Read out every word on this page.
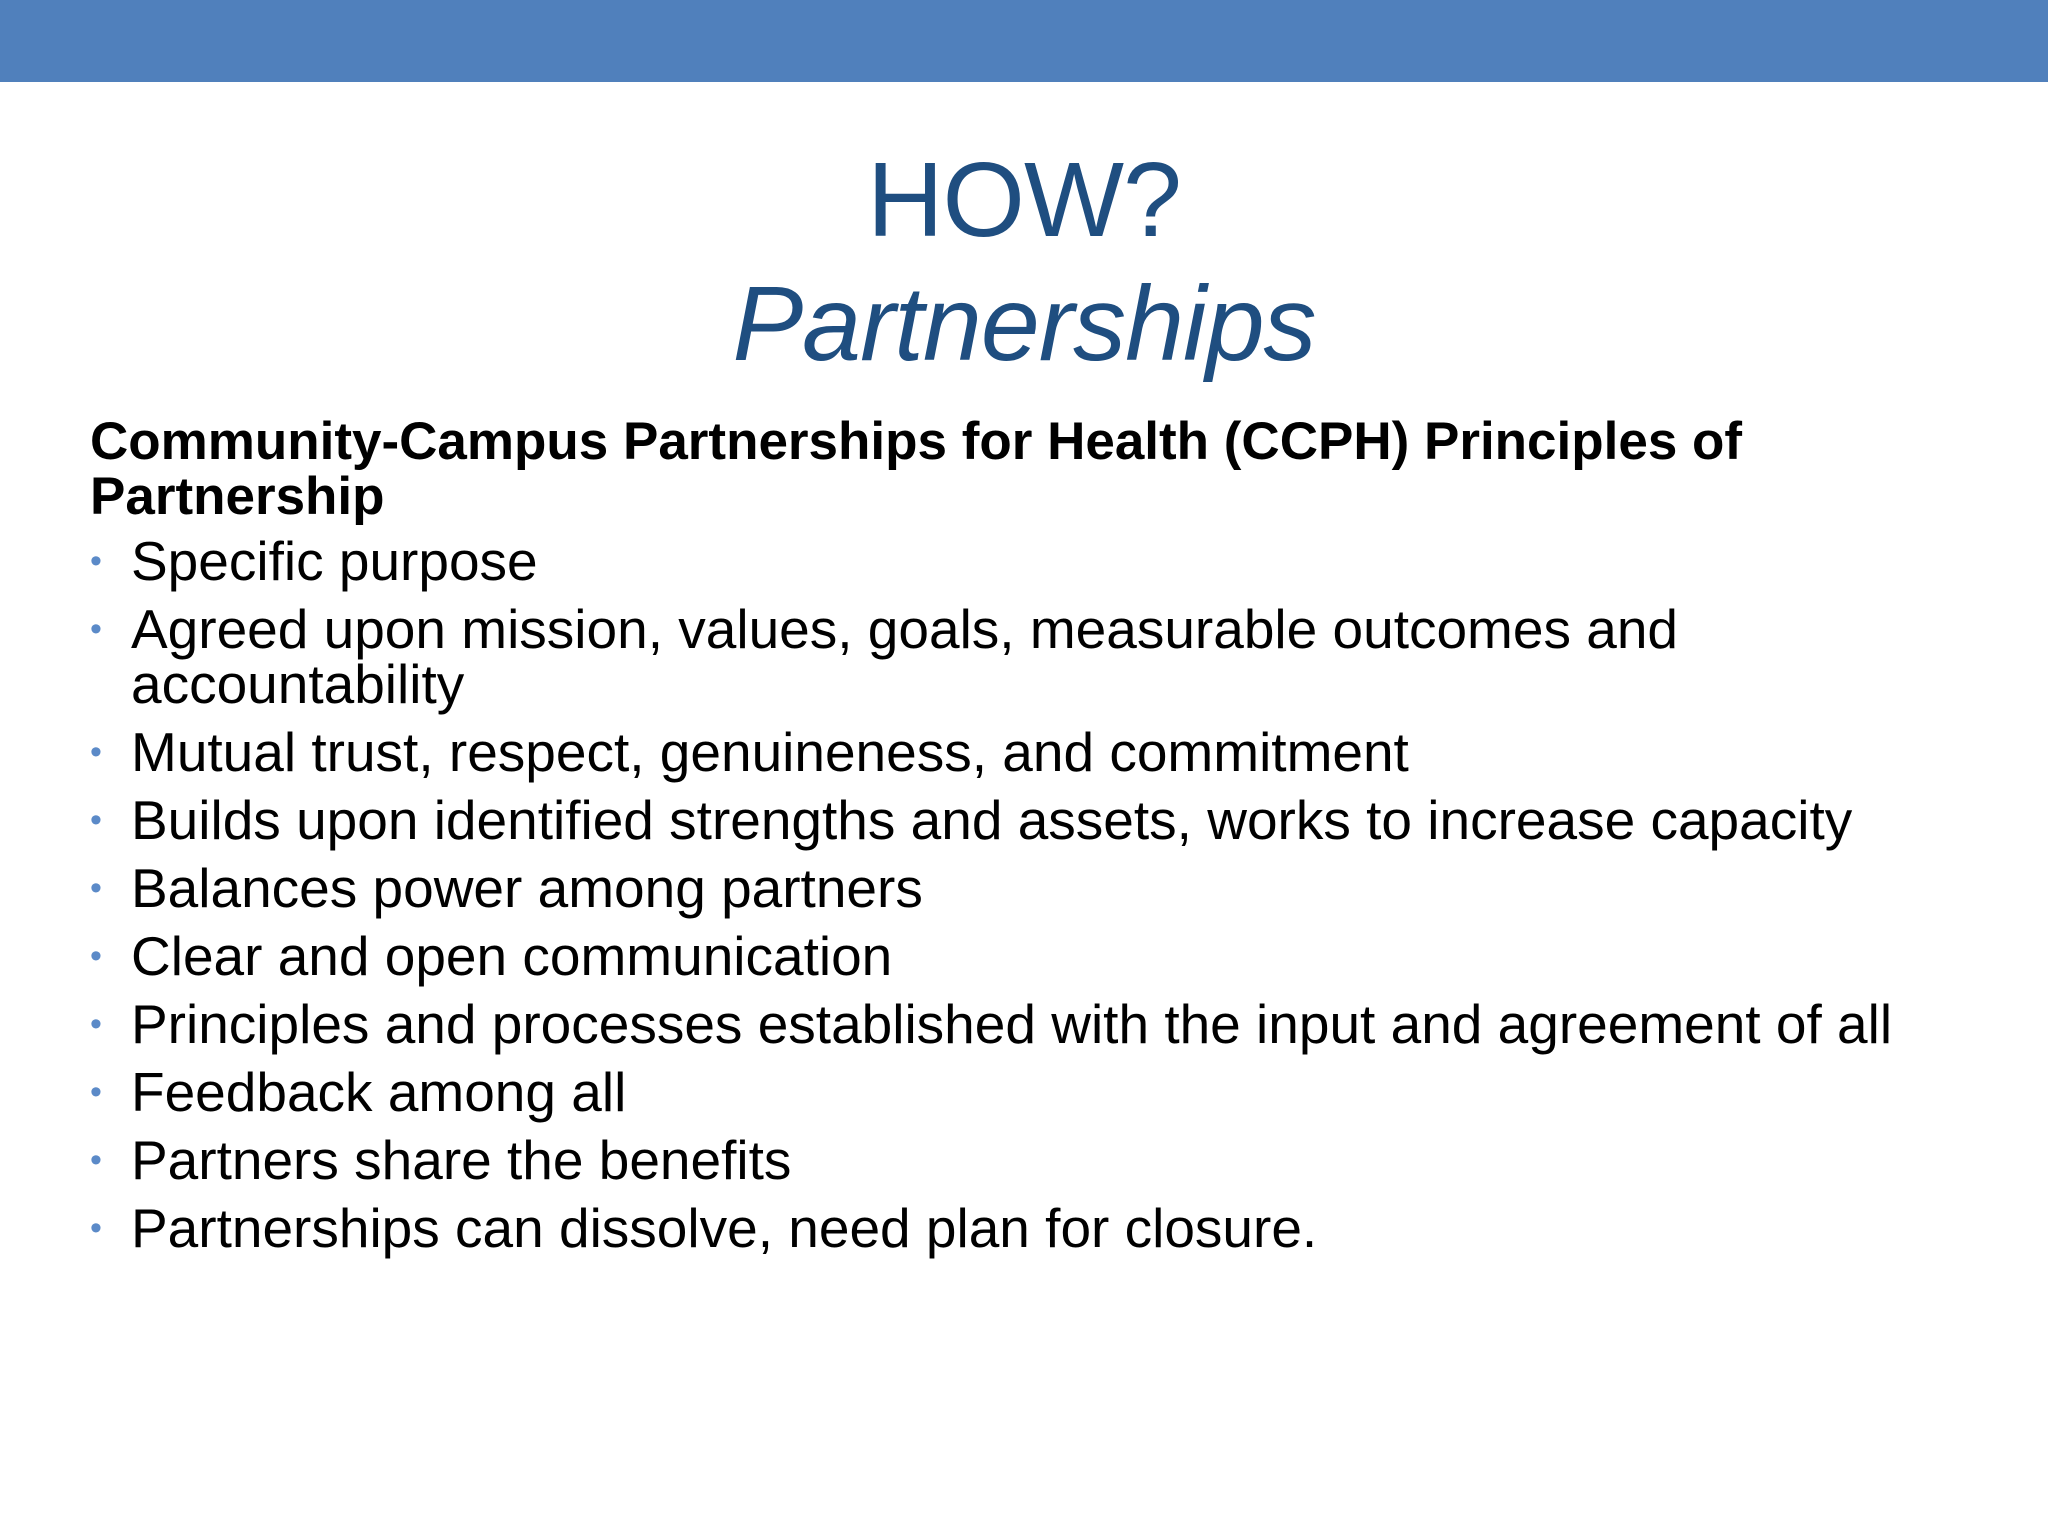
HOW?
Partnerships
Community-Campus Partnerships for Health (CCPH) Principles of Partnership
• Specific purpose
• Agreed upon mission, values, goals, measurable outcomes and accountability
• Mutual trust, respect, genuineness, and commitment
• Builds upon identified strengths and assets, works to increase capacity
• Balances power among partners
• Clear and open communication
• Principles and processes established with the input and agreement of all
• Feedback among all
• Partners share the benefits
• Partnerships can dissolve, need plan for closure.
